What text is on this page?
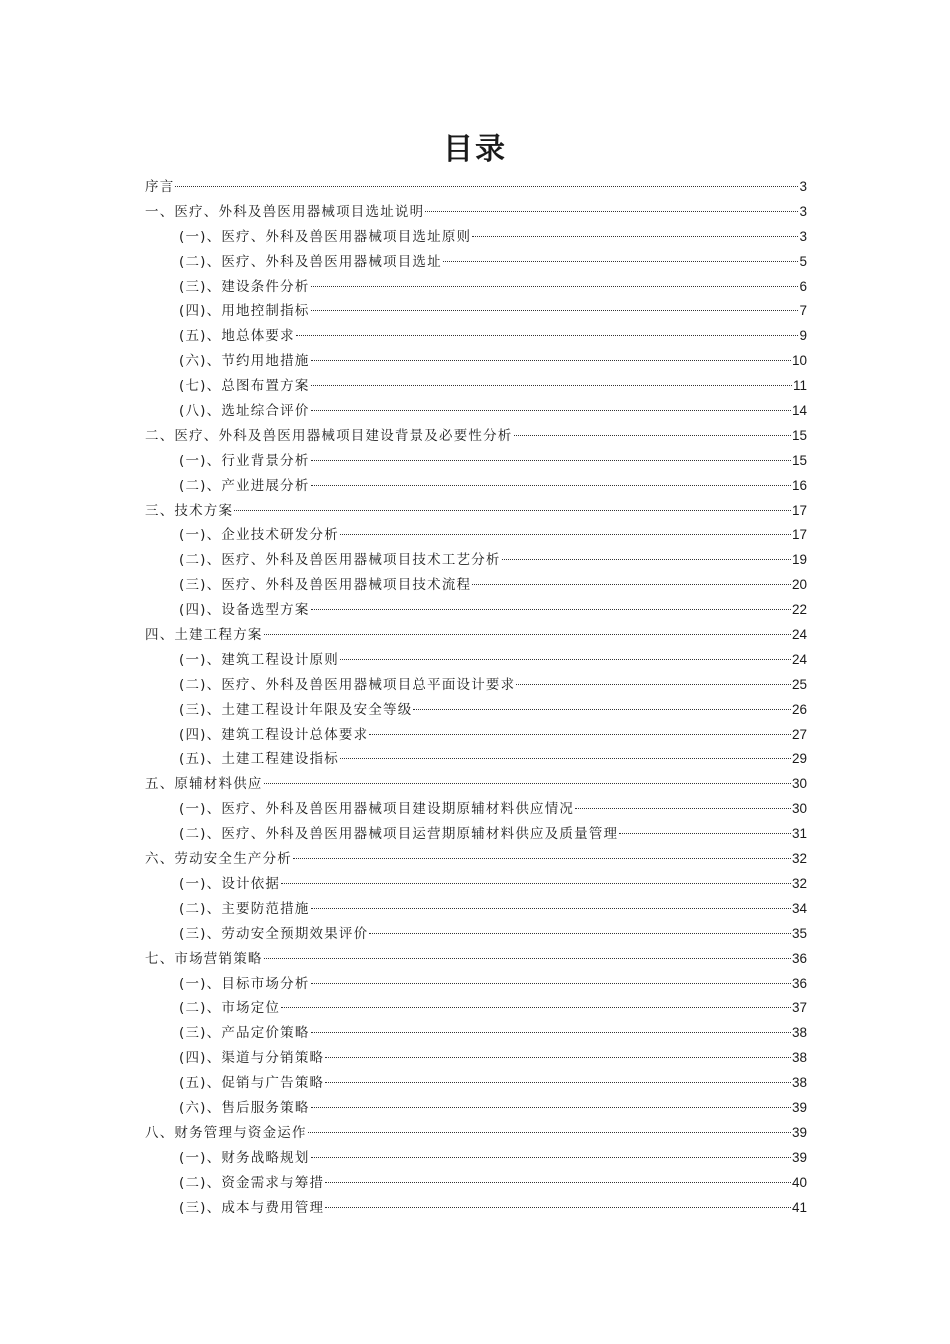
目录
序言	3
一、医疗、外科及兽医用器械项目选址说明	3
(一)、医疗、外科及兽医用器械项目选址原则	3
(二)、医疗、外科及兽医用器械项目选址	5
(三)、建设条件分析	6
(四)、用地控制指标	7
(五)、地总体要求	9
(六)、节约用地措施	10
(七)、总图布置方案	11
(八)、选址综合评价	14
二、医疗、外科及兽医用器械项目建设背景及必要性分析	15
(一)、行业背景分析	15
(二)、产业进展分析	16
三、技术方案	17
(一)、企业技术研发分析	17
(二)、医疗、外科及兽医用器械项目技术工艺分析	19
(三)、医疗、外科及兽医用器械项目技术流程	20
(四)、设备选型方案	22
四、土建工程方案	24
(一)、建筑工程设计原则	24
(二)、医疗、外科及兽医用器械项目总平面设计要求	25
(三)、土建工程设计年限及安全等级	26
(四)、建筑工程设计总体要求	27
(五)、土建工程建设指标	29
五、原辅材料供应	30
(一)、医疗、外科及兽医用器械项目建设期原辅材料供应情况	30
(二)、医疗、外科及兽医用器械项目运营期原辅材料供应及质量管理	31
六、劳动安全生产分析	32
(一)、设计依据	32
(二)、主要防范措施	34
(三)、劳动安全预期效果评价	35
七、市场营销策略	36
(一)、目标市场分析	36
(二)、市场定位	37
(三)、产品定价策略	38
(四)、渠道与分销策略	38
(五)、促销与广告策略	38
(六)、售后服务策略	39
八、财务管理与资金运作	39
(一)、财务战略规划	39
(二)、资金需求与筹措	40
(三)、成本与费用管理	41
